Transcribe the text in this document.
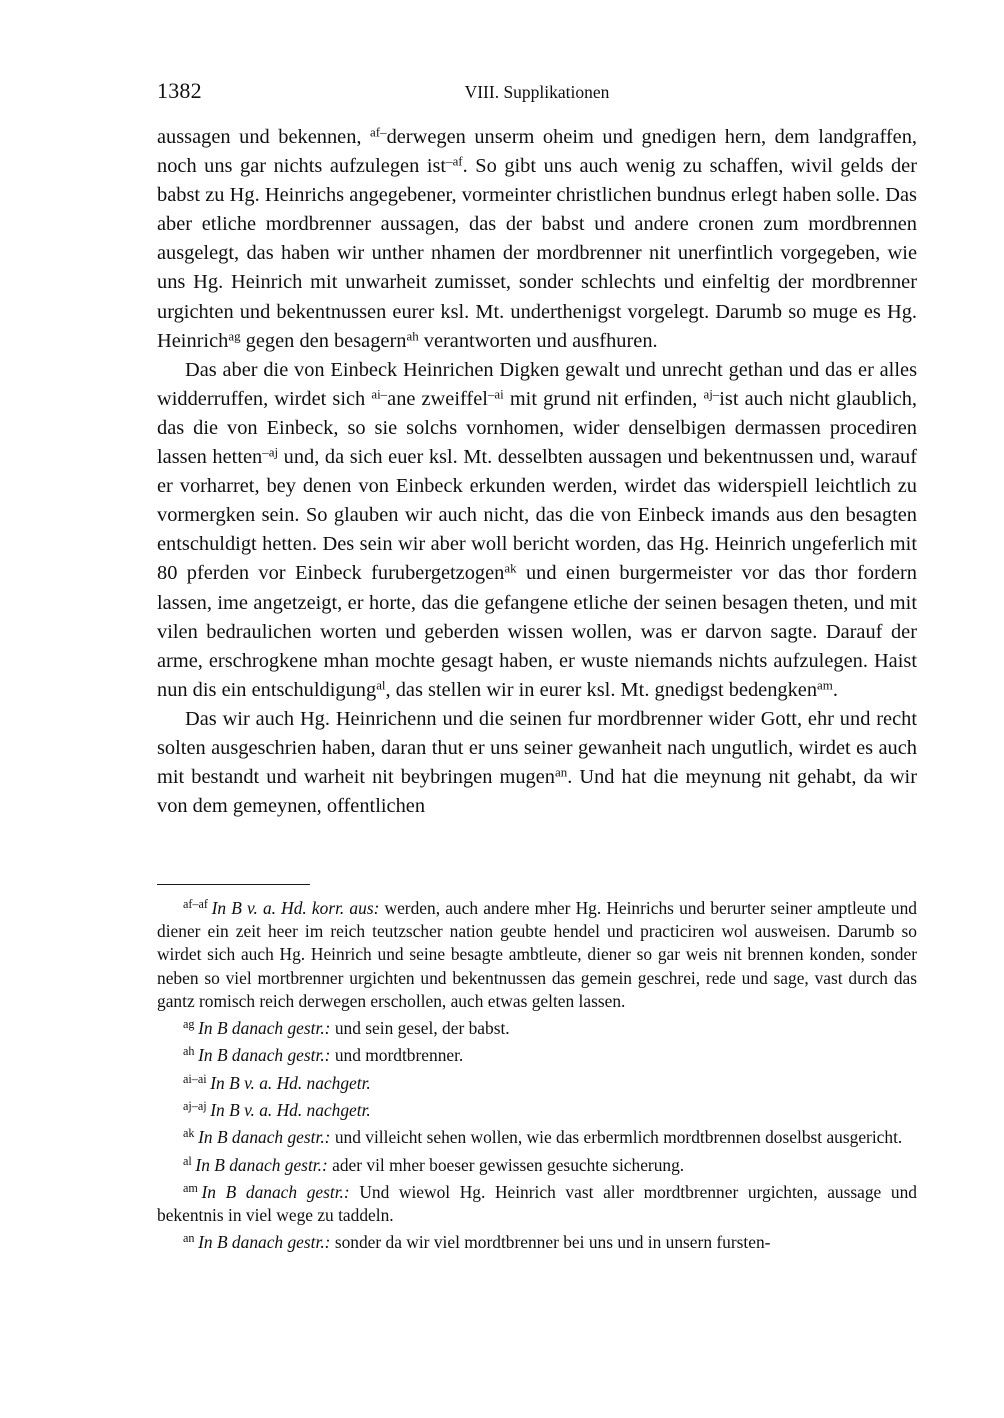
1382	VIII. Supplikationen

aussagen und bekennen, $^{af-}$derwegen unserm oheim und gnedigen hern, dem landgraffen, noch uns gar nichts aufzulegen ist$^{-af}$. So gibt uns auch wenig zu schaffen, wivil gelds der babst zu Hg. Heinrichs angegebener, vormeinter christlichen bundnus erlegt haben solle. Das aber etliche mordbrenner aussagen, das der babst und andere cronen zum mordbrennen ausgelegt, das haben wir unther nhamen der mordbrenner nit unerfintlich vorgegeben, wie uns Hg. Heinrich mit unwarheit zumisset, sonder schlechts und einfeltig der mordbrenner urgichten und bekentnussen eurer ksl. Mt. underthenigst vorgelegt. Darumb so muge es Hg. Heinrich$^{ag}$ gegen den besagern$^{ah}$ verantworten und ausfhuren.

Das aber die von Einbeck Heinrichen Digken gewalt und unrecht gethan und das er alles widderruffen, wirdet sich $^{ai-}$ane zweiffel$^{-ai}$ mit grund nit erfinden, $^{aj-}$ist auch nicht glaublich, das die von Einbeck, so sie solchs vornhomen, wider denselbigen dermassen procediren lassen hetten$^{-aj}$ und, da sich euer ksl. Mt. desselbten aussagen und bekentnussen und, warauf er vorharret, bey denen von Einbeck erkunden werden, wirdet das widerspiell leichtlich zu vormergken sein. So glauben wir auch nicht, das die von Einbeck imands aus den besagten entschuldigt hetten. Des sein wir aber woll bericht worden, das Hg. Heinrich ungeferlich mit 80 pferden vor Einbeck furubergetzogen$^{ak}$ und einen burgermeister vor das thor fordern lassen, ime angetzeigt, er horte, das die gefangene etliche der seinen besagen theten, und mit vilen bedraulichen worten und geberden wissen wollen, was er darvon sagte. Darauf der arme, erschrogkene mhan mochte gesagt haben, er wuste niemands nichts aufzulegen. Haist nun dis ein entschuldigung$^{al}$, das stellen wir in eurer ksl. Mt. gnedigst bedengken$^{am}$.

Das wir auch Hg. Heinrichenn und die seinen fur mordbrenner wider Gott, ehr und recht solten ausgeschrien haben, daran thut er uns seiner gewanheit nach ungutlich, wirdet es auch mit bestandt und warheit nit beybringen mugen$^{an}$. Und hat die meynung nit gehabt, da wir von dem gemeynen, offentlichen

$^{af-af}$ In B v. a. Hd. korr. aus: werden, auch andere mher Hg. Heinrichs und berurter seiner amptleute und diener ein zeit heer im reich teutzscher nation geubte hendel und practiciren wol ausweisen. Darumb so wirdet sich auch Hg. Heinrich und seine besagte ambtleute, diener so gar weis nit brennen konden, sonder neben so viel mortbrenner urgichten und bekentnussen das gemein geschrei, rede und sage, vast durch das gantz romisch reich derwegen erschollen, auch etwas gelten lassen.

$^{ag}$ In B danach gestr.: und sein gesel, der babst.

$^{ah}$ In B danach gestr.: und mordtbrenner.

$^{ai-ai}$ In B v. a. Hd. nachgetr.

$^{aj-aj}$ In B v. a. Hd. nachgetr.

$^{ak}$ In B danach gestr.: und villeicht sehen wollen, wie das erbermlich mordtbrennen doselbst ausgericht.

$^{al}$ In B danach gestr.: ader vil mher boeser gewissen gesuchte sicherung.

$^{am}$ In B danach gestr.: Und wiewol Hg. Heinrich vast aller mordtbrenner urgichten, aussage und bekentnis in viel wege zu taddeln.

$^{an}$ In B danach gestr.: sonder da wir viel mordtbrenner bei uns und in unsern fursten-
